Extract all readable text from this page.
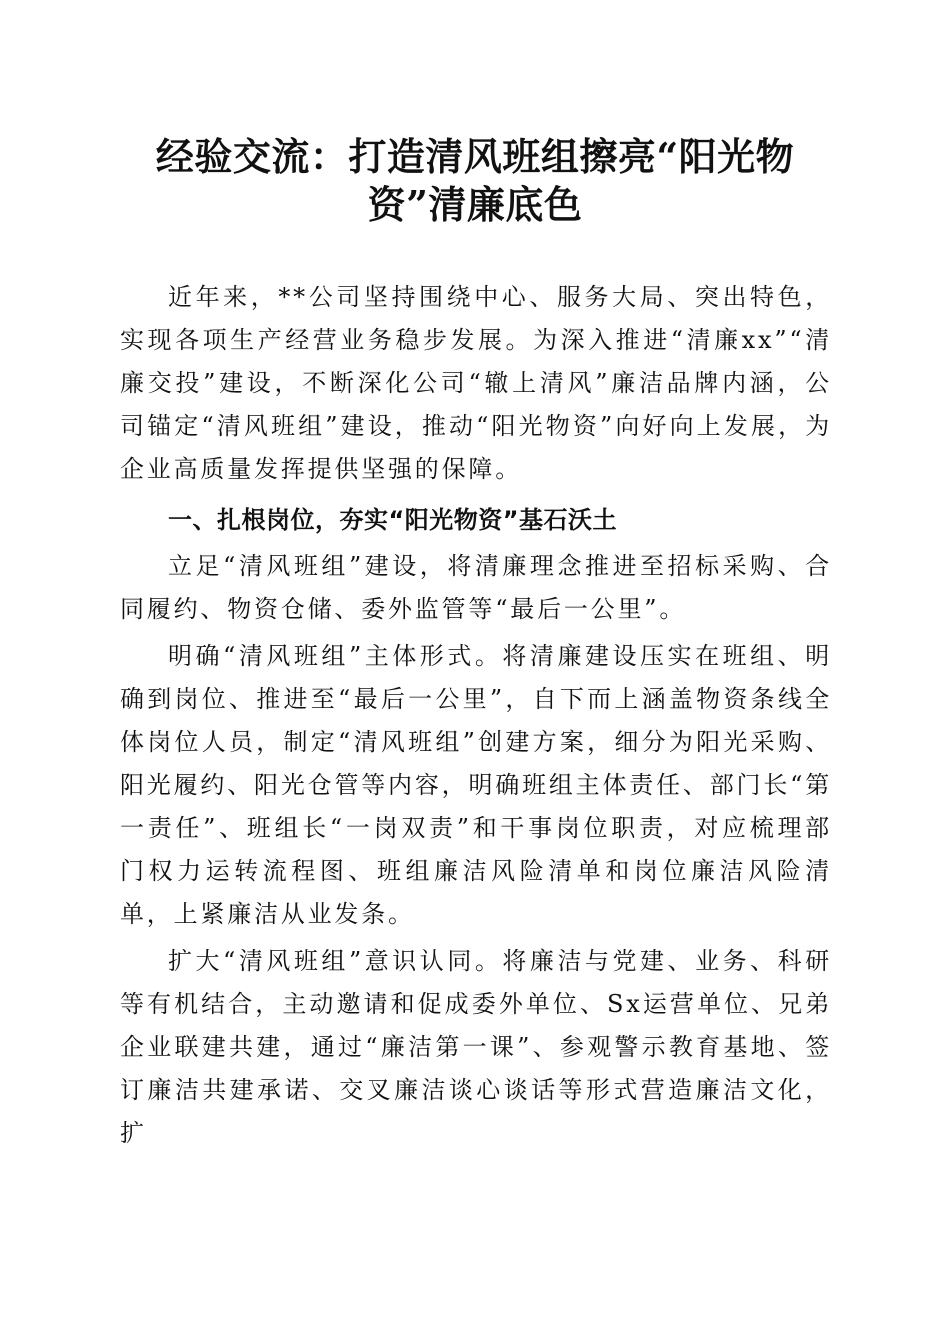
经验交流：打造清风班组擦亮“阳光物资”清廉底色

近年来，**公司坚持围绕中心、服务大局、突出特色，实现各项生产经营业务稳步发展。为深入推进“清廉xx”“清廉交投”建设，不断深化公司“辙上清风”廉洁品牌内涵，公司锚定“清风班组”建设，推动“阳光物资”向好向上发展，为企业高质量发挥提供坚强的保障。

一、扎根岗位，夯实“阳光物资”基石沃土

立足“清风班组”建设，将清廉理念推进至招标采购、合同履约、物资仓储、委外监管等“最后一公里”。

明确“清风班组”主体形式。将清廉建设压实在班组、明确到岗位、推进至“最后一公里”，自下而上涵盖物资条线全体岗位人员，制定“清风班组”创建方案，细分为阳光采购、阳光履约、阳光仓管等内容，明确班组主体责任、部门长“第一责任”、班组长“一岗双责”和干事岗位职责，对应梳理部门权力运转流程图、班组廉洁风险清单和岗位廉洁风险清单，上紧廉洁从业发条。

扩大“清风班组”意识认同。将廉洁与党建、业务、科研等有机结合，主动邀请和促成委外单位、Sx运营单位、兄弟企业联建共建，通过“廉洁第一课”、参观警示教育基地、签订廉洁共建承诺、交叉廉洁谈心谈话等形式营造廉洁文化，扩
